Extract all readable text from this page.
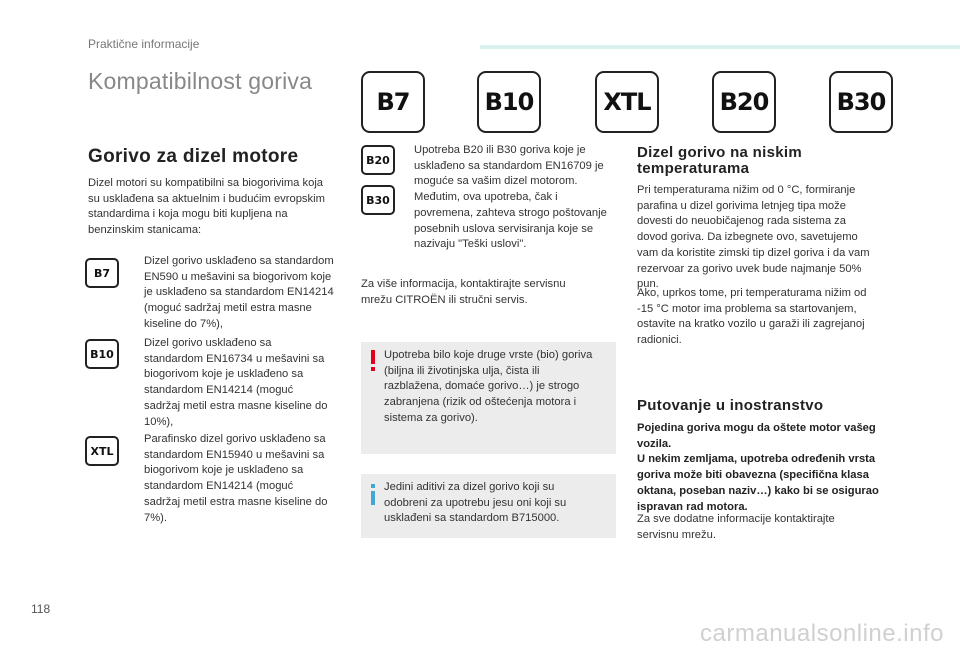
Praktične informacije
Kompatibilnost goriva
B7	B10	XTL	B20	B30
Gorivo za dizel motore
Dizel motori su kompatibilni sa biogorivima koja su usklađena sa aktuelnim i budućim evropskim standardima i koja mogu biti kupljena na benzinskim stanicama:
B7
Dizel gorivo usklađeno sa standardom EN590 u mešavini sa biogorivom koje je usklađeno sa standardom EN14214 (moguć sadržaj metil estra masne kiseline do 7%),
B10
Dizel gorivo usklađeno sa standardom EN16734 u mešavini sa biogorivom koje je usklađeno sa standardom EN14214 (moguć sadržaj metil estra masne kiseline do 10%),
XTL
Parafinsko dizel gorivo usklađeno sa standardom EN15940 u mešavini sa biogorivom koje je usklađeno sa standardom EN14214 (moguć sadržaj metil estra masne kiseline do 7%).
B20
B30
Upotreba B20 ili B30 goriva koje je usklađeno sa standardom EN16709 je moguće sa vašim dizel motorom. Međutim, ova upotreba, čak i povremena, zahteva strogo poštovanje posebnih uslova servisiranja koje se nazivaju "Teški uslovi".
Za više informacija, kontaktirajte servisnu mrežu CITROËN ili stručni servis.
Upotreba bilo koje druge vrste (bio) goriva (biljna ili životinjska ulja, čista ili razblažena, domaće gorivo…) je strogo zabranjena (rizik od oštećenja motora i sistema za gorivo).
Jedini aditivi za dizel gorivo koji su odobreni za upotrebu jesu oni koji su usklađeni sa standardom B715000.
Dizel gorivo na niskim temperaturama
Pri temperaturama nižim od 0 °C, formiranje parafina u dizel gorivima letnjeg tipa može dovesti do neuobičajenog rada sistema za dovod goriva. Da izbegnete ovo, savetujemo vam da koristite zimski tip dizel goriva i da vam rezervoar za gorivo uvek bude najmanje 50% pun.
Ako, uprkos tome, pri temperaturama nižim od -15 °C motor ima problema sa startovanjem, ostavite na kratko vozilo u garaži ili zagrejanoj radionici.
Putovanje u inostranstvo
Pojedina goriva mogu da oštete motor vašeg vozila.
U nekim zemljama, upotreba određenih vrsta goriva može biti obavezna (specifična klasa oktana, poseban naziv…) kako bi se osigurao ispravan rad motora.
Za sve dodatne informacije kontaktirajte servisnu mrežu.
118
carmanualsonline.info
